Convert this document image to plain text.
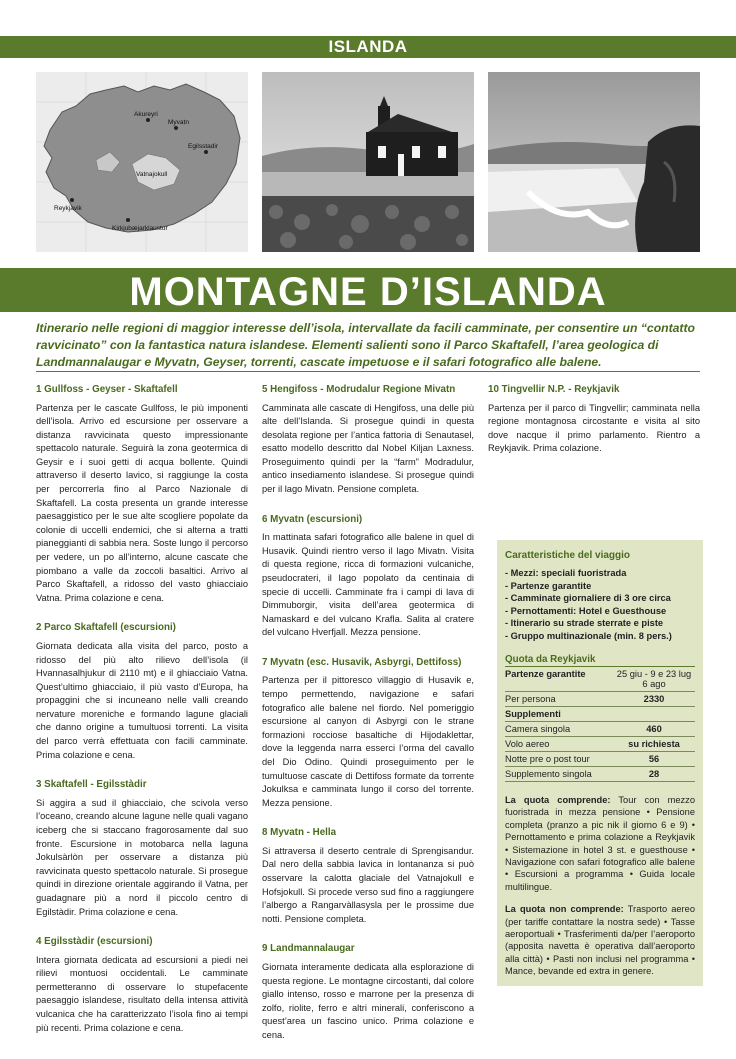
ISLANDA
Akureyri
Myvatn
Egilsstadir
Vatnajokull
Reykjavik
Kirkjubæjarklaustur
MONTAGNE D’ISLANDA
Itinerario nelle regioni di maggior interesse dell’isola, intervallate da facili camminate, per consentire un “contatto ravvicinato” con la fantastica natura islandese. Elementi salienti sono il Parco Skaftafell, l’area geologica di Landmannalaugar e Myvatn, Geyser, torrenti, cascate impetuose e il safari fotografico alle balene.
1 Gullfoss - Geyser - Skaftafell

Partenza per le cascate Gullfoss, le più imponenti dell’isola. Arrivo ed escursione per osservare a distanza ravvicinata questo impressionante spettacolo naturale. Seguirà la zona geotermica di Geysir e i suoi getti di acqua bollente. Quindi attraverso il deserto lavico, si raggiunge la costa per percorrerla fino al Parco Nazionale di Skaftafell. La costa presenta un grande interesse paesaggistico per le sue alte scogliere popolate da colonie di uccelli endemici, che si alterna a tratti pianeggianti di sabbia nera. Soste lungo il percorso per vedere, un po all’interno, alcune cascate che piombano a valle da zoccoli basaltici. Arrivo al Parco Skaftafell, a ridosso del vasto ghiacciaio Vatna. Prima colazione e cena.

2 Parco Skaftafell (escursioni)

Giornata dedicata alla visita del parco, posto a ridosso del più alto rilievo dell’isola (il Hvannasalhjukur di 2110 mt) e il ghiacciaio Vatna. Quest’ultimo ghiacciaio, il più vasto d’Europa, ha propaggini che si incuneano nelle valli creando nervature moreniche e formando lagune glaciali che danno origine a tumultuosi torrenti. La visita del parco verrà effettuata con facili camminate. Prima colazione e cena.

3 Skaftafell - Egilsstàdir

Si aggira a sud il ghiacciaio, che scivola verso l’oceano, creando alcune lagune nelle quali vagano iceberg che si staccano fragorosamente dal suo fronte. Escursione in motobarca nella laguna Jokulsàrlòn per osservare a distanza più ravvicinata questo spettacolo naturale. Si prosegue quindi in direzione orientale aggirando il Vatna, per guadagnare più a nord il piccolo centro di Egilstàdir. Prima colazione e cena.

4 Egilsstàdir (escursioni)

Intera giornata dedicata ad escursioni a piedi nei rilievi montuosi occidentali. Le camminate permetteranno di osservare lo stupefacente paesaggio islandese, risultato della intensa attività vulcanica che ha caratterizzato l’isola fino ai tempi più recenti. Prima colazione e cena.

5 Hengifoss - Modrudalur Regione Mivatn

Camminata alle cascate di Hengifoss, una delle più alte dell’Islanda. Si prosegue quindi in questa desolata regione per l’antica fattoria di Senautasel, esatto modello descritto dal Nobel Kiljan Laxness. Proseguimento quindi per la “farm” Modradulur, antico insediamento islandese. Si prosegue quindi per il lago Mivatn. Pensione completa.

6 Myvatn (escursioni)

In mattinata safari fotografico alle balene in quel di Husavik. Quindi rientro verso il lago Mivatn. Visita di questa regione, ricca di formazioni vulcaniche, pseudocrateri, il lago popolato da centinaia di specie di uccelli. Camminate fra i campi di lava di Dimmuborgir, visita dell’area geotermica di Namaskard e del vulcano Krafla. Salita al cratere del vulcano Hverfjall. Mezza pensione.

7 Myvatn (esc. Husavik, Asbyrgi, Dettifoss)

Partenza per il pittoresco villaggio di Husavik e, tempo permettendo, navigazione e safari fotografico alle balene nel fiordo. Nel pomeriggio escursione al canyon di Asbyrgi con le strane formazioni rocciose basaltiche di Hijodaklettar, dove la leggenda narra esserci l’orma del cavallo del Dio Odino. Quindi proseguimento per le tumultuose cascate di Dettifoss formate da torrente Jokulksa e camminata lungo il corso del torrente. Mezza pensione.

8 Myvatn - Hella

Si attraversa il deserto centrale di Sprengisandur. Dal nero della sabbia lavica in lontananza si può osservare la calotta glaciale del Vatnajokull e Hofsjokull. Si procede verso sud fino a raggiungere l’albergo a Rangarvàllasysla per le prossime due notti. Pensione completa.

9 Landmannalaugar

Giornata interamente dedicata alla esplorazione di questa regione. Le montagne circostanti, dal colore giallo intenso, rosso e marrone per la presenza di zolfo, riolite, ferro e altri minerali, conferiscono a quest’area un fascino unico. Prima colazione e cena.

10 Tingvellir N.P. - Reykjavik

Partenza per il parco di Tingvellir; camminata nella regione montagnosa circostante e visita al sito dove nacque il primo parlamento. Rientro a Reykjavik. Prima colazione.

Caratteristiche del viaggio
- Mezzi: speciali fuoristrada
- Partenze garantite
- Camminate giornaliere di 3 ore circa
- Pernottamenti: Hotel e Guesthouse
- Itinerario su strade sterrate e piste
- Gruppo multinazionale (min. 8 pers.)
Quota da Reykjavik
Partenze garantite	25 giu - 9 e 23 lug 6 ago
Per persona	2330
Supplementi	
Camera singola	460
Volo aereo	su richiesta
Notte pre o post tour	56
Supplemento singola	28

La quota comprende: Tour con mezzo fuoristrada in mezza pensione • Pensione completa (pranzo a pic nik il giorno 6 e 9) • Pernottamento e prima colazione a Reykjavik • Sistemazione in hotel 3 st. e guesthouse • Navigazione con safari fotografico alle balene • Escursioni a programma • Guida locale multilingue.

La quota non comprende: Trasporto aereo (per tariffe contattare la nostra sede) • Tasse aeroportuali • Trasferimenti da/per l’aeroporto (apposita navetta è operativa dall’aeroporto alla città) • Pasti non inclusi nel programma • Mance, bevande ed extra in genere.
